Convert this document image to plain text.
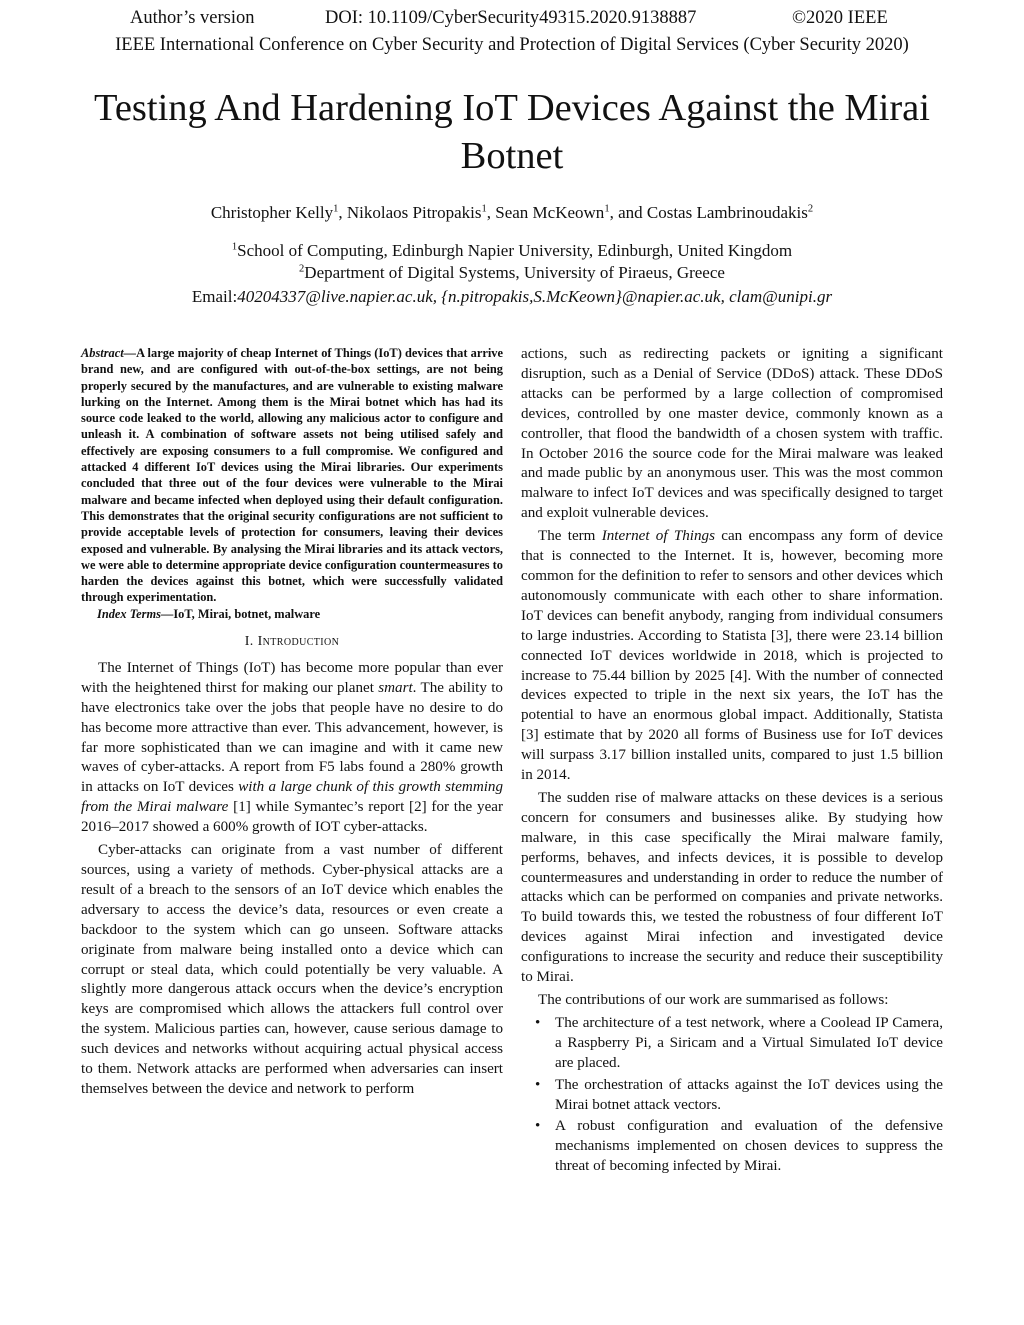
Author’s version	DOI: 10.1109/CyberSecurity49315.2020.9138887	©2020 IEEE
IEEE International Conference on Cyber Security and Protection of Digital Services (Cyber Security 2020)
Testing And Hardening IoT Devices Against the Mirai Botnet
Christopher Kelly$^1$, Nikolaos Pitropakis$^1$, Sean McKeown$^1$, and Costas Lambrinoudakis$^2$
$^1$School of Computing, Edinburgh Napier University, Edinburgh, United Kingdom
$^2$Department of Digital Systems, University of Piraeus, Greece
Email:40204337@live.napier.ac.uk, {n.pitropakis,S.McKeown}@napier.ac.uk, clam@unipi.gr

Abstract—A large majority of cheap Internet of Things (IoT) devices that arrive brand new, and are configured with out-of-the-box settings, are not being properly secured by the manufactures, and are vulnerable to existing malware lurking on the Internet. Among them is the Mirai botnet which has had its source code leaked to the world, allowing any malicious actor to configure and unleash it. A combination of software assets not being utilised safely and effectively are exposing consumers to a full compromise. We configured and attacked 4 different IoT devices using the Mirai libraries. Our experiments concluded that three out of the four devices were vulnerable to the Mirai malware and became infected when deployed using their default configuration. This demonstrates that the original security configurations are not sufficient to provide acceptable levels of protection for consumers, leaving their devices exposed and vulnerable. By analysing the Mirai libraries and its attack vectors, we were able to determine appropriate device configuration countermeasures to harden the devices against this botnet, which were successfully validated through experimentation.

Index Terms—IoT, Mirai, botnet, malware

I. Introduction

The Internet of Things (IoT) has become more popular than ever with the heightened thirst for making our planet smart. The ability to have electronics take over the jobs that people have no desire to do has become more attractive than ever. This advancement, however, is far more sophisticated than we can imagine and with it came new waves of cyber-attacks. A report from F5 labs found a 280% growth in attacks on IoT devices with a large chunk of this growth stemming from the Mirai malware [1] while Symantec’s report [2] for the year 2016–2017 showed a 600% growth of IOT cyber-attacks.

Cyber-attacks can originate from a vast number of different sources, using a variety of methods. Cyber-physical attacks are a result of a breach to the sensors of an IoT device which enables the adversary to access the device’s data, resources or even create a backdoor to the system which can go unseen. Software attacks originate from malware being installed onto a device which can corrupt or steal data, which could potentially be very valuable. A slightly more dangerous attack occurs when the device’s encryption keys are compromised which allows the attackers full control over the system. Malicious parties can, however, cause serious damage to such devices and networks without acquiring actual physical access to them. Network attacks are performed when adversaries can insert themselves between the device and network to perform

actions, such as redirecting packets or igniting a significant disruption, such as a Denial of Service (DDoS) attack. These DDoS attacks can be performed by a large collection of compromised devices, controlled by one master device, commonly known as a controller, that flood the bandwidth of a chosen system with traffic. In October 2016 the source code for the Mirai malware was leaked and made public by an anonymous user. This was the most common malware to infect IoT devices and was specifically designed to target and exploit vulnerable devices.

The term Internet of Things can encompass any form of device that is connected to the Internet. It is, however, becoming more common for the definition to refer to sensors and other devices which autonomously communicate with each other to share information. IoT devices can benefit anybody, ranging from individual consumers to large industries. According to Statista [3], there were 23.14 billion connected IoT devices worldwide in 2018, which is projected to increase to 75.44 billion by 2025 [4]. With the number of connected devices expected to triple in the next six years, the IoT has the potential to have an enormous global impact. Additionally, Statista [3] estimate that by 2020 all forms of Business use for IoT devices will surpass 3.17 billion installed units, compared to just 1.5 billion in 2014.

The sudden rise of malware attacks on these devices is a serious concern for consumers and businesses alike. By studying how malware, in this case specifically the Mirai malware family, performs, behaves, and infects devices, it is possible to develop countermeasures and understanding in order to reduce the number of attacks which can be performed on companies and private networks. To build towards this, we tested the robustness of four different IoT devices against Mirai infection and investigated device configurations to increase the security and reduce their susceptibility to Mirai.

The contributions of our work are summarised as follows:

• The architecture of a test network, where a Coolead IP Camera, a Raspberry Pi, a Siricam and a Virtual Simulated IoT device are placed.
• The orchestration of attacks against the IoT devices using the Mirai botnet attack vectors.
• A robust configuration and evaluation of the defensive mechanisms implemented on chosen devices to suppress the threat of becoming infected by Mirai.
